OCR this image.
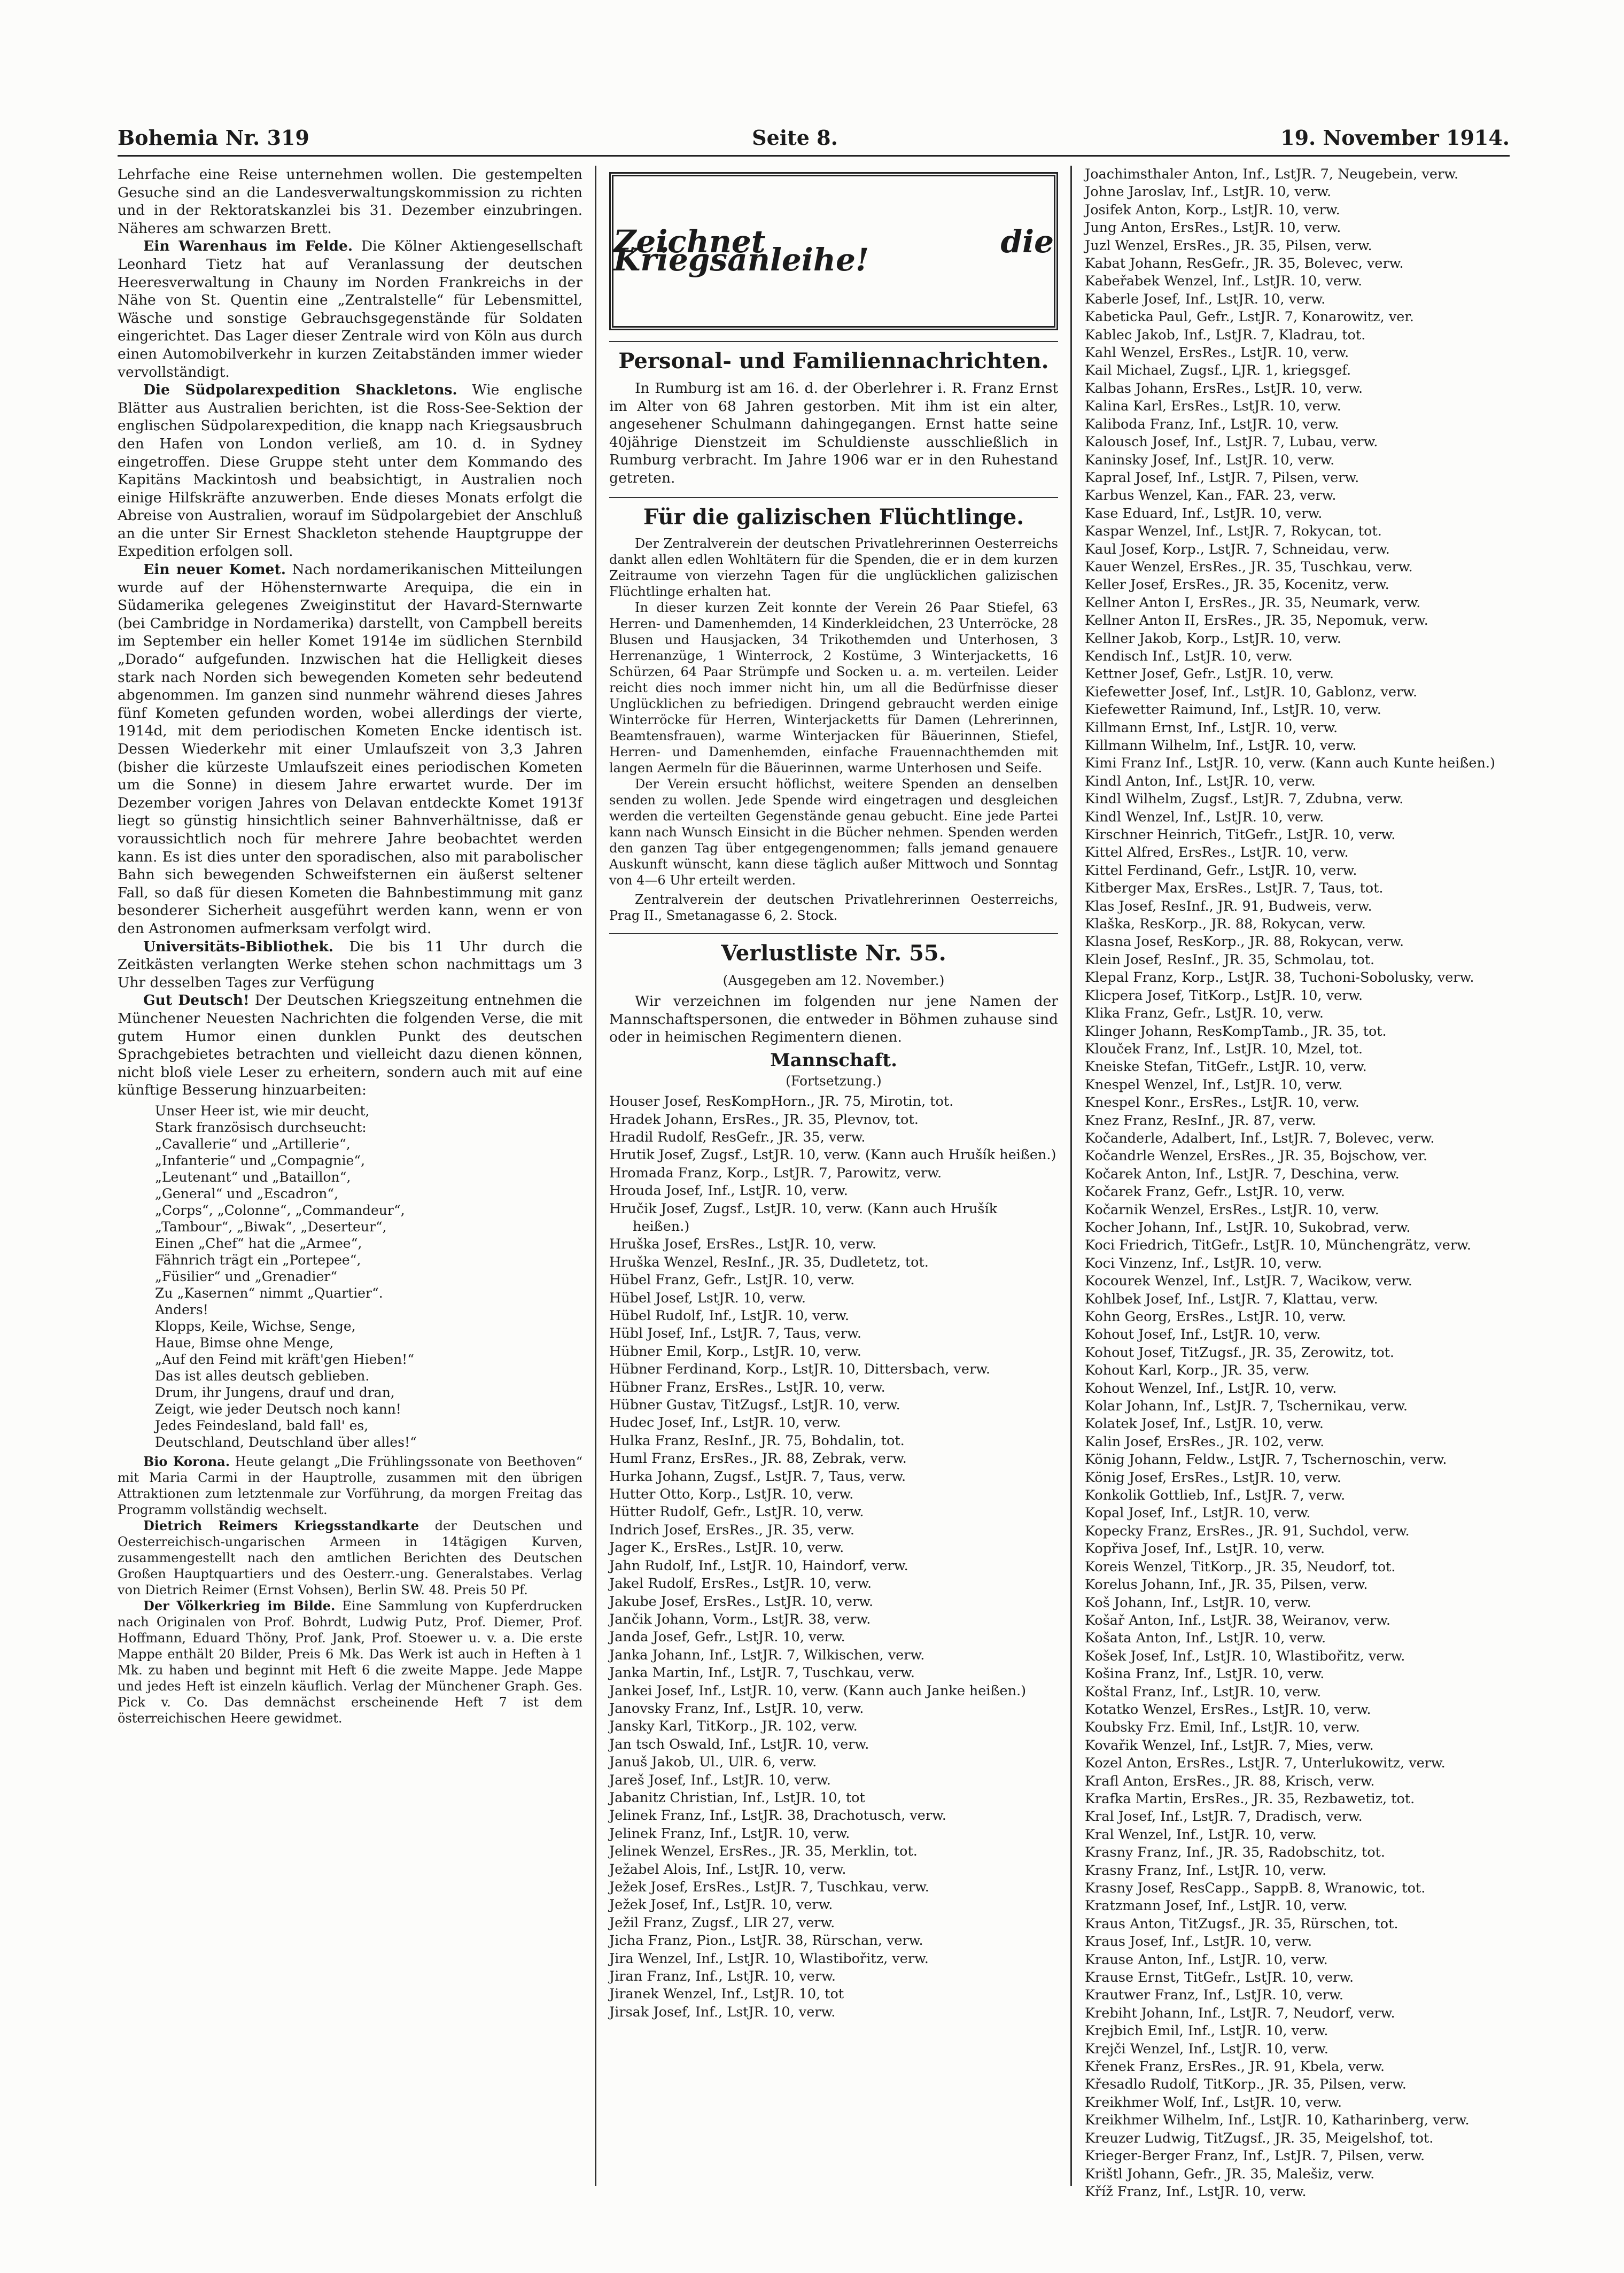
Bohemia Nr. 319	Seite 8.	19. November 1914.

Lehrfache eine Reise unternehmen wollen. Die gestempelten Gesuche sind an die Landesverwaltungskommission zu richten und in der Rektoratskanzlei bis 31. Dezember einzubringen. Näheres am schwarzen Brett.

Ein Warenhaus im Felde. Die Kölner Aktiengesellschaft Leonhard Tietz hat auf Veranlassung der deutschen Heeresverwaltung in Chauny im Norden Frankreichs in der Nähe von St. Quentin eine „Zentralstelle“ für Lebensmittel, Wäsche und sonstige Gebrauchsgegenstände für Soldaten eingerichtet. Das Lager dieser Zentrale wird von Köln aus durch einen Automobilverkehr in kurzen Zeitabständen immer wieder vervollständigt.

Die Südpolarexpedition Shackletons. Wie englische Blätter aus Australien berichten, ist die Ross-See-Sektion der englischen Südpolarexpedition, die knapp nach Kriegsausbruch den Hafen von London verließ, am 10. d. in Sydney eingetroffen. Diese Gruppe steht unter dem Kommando des Kapitäns Mackintosh und beabsichtigt, in Australien noch einige Hilfskräfte anzuwerben. Ende dieses Monats erfolgt die Abreise von Australien, worauf im Südpolargebiet der Anschluß an die unter Sir Ernest Shackleton stehende Hauptgruppe der Expedition erfolgen soll.

Ein neuer Komet. Nach nordamerikanischen Mitteilungen wurde auf der Höhensternwarte Arequipa, die ein in Südamerika gelegenes Zweiginstitut der Havard-Sternwarte (bei Cambridge in Nordamerika) darstellt, von Campbell bereits im September ein heller Komet 1914e im südlichen Sternbild „Dorado“ aufgefunden. Inzwischen hat die Helligkeit dieses stark nach Norden sich bewegenden Kometen sehr bedeutend abgenommen. Im ganzen sind nunmehr während dieses Jahres fünf Kometen gefunden worden, wobei allerdings der vierte, 1914d, mit dem periodischen Kometen Encke identisch ist. Dessen Wiederkehr mit einer Umlaufszeit von 3,3 Jahren (bisher die kürzeste Umlaufszeit eines periodischen Kometen um die Sonne) in diesem Jahre erwartet wurde. Der im Dezember vorigen Jahres von Delavan entdeckte Komet 1913f liegt so günstig hinsichtlich seiner Bahnverhältnisse, daß er voraussichtlich noch für mehrere Jahre beobachtet werden kann. Es ist dies unter den sporadischen, also mit parabolischer Bahn sich bewegenden Schweifsternen ein äußerst seltener Fall, so daß für diesen Kometen die Bahnbestimmung mit ganz besonderer Sicherheit ausgeführt werden kann, wenn er von den Astronomen aufmerksam verfolgt wird.

Universitäts-Bibliothek. Die bis 11 Uhr durch die Zeitkästen verlangten Werke stehen schon nachmittags um 3 Uhr desselben Tages zur Verfügung

Gut Deutsch! Der Deutschen Kriegszeitung entnehmen die Münchener Neuesten Nachrichten die folgenden Verse, die mit gutem Humor einen dunklen Punkt des deutschen Sprachgebietes betrachten und vielleicht dazu dienen können, nicht bloß viele Leser zu erheitern, sondern auch mit auf eine künftige Besserung hinzuarbeiten:

Unser Heer ist, wie mir deucht,
Stark französisch durchseucht:
„Cavallerie“ und „Artillerie“,
„Infanterie“ und „Compagnie“,
„Leutenant“ und „Bataillon“,
„General“ und „Escadron“,
„Corps“, „Colonne“, „Commandeur“,
„Tambour“, „Biwak“, „Deserteur“,
Einen „Chef“ hat die „Armee“,
Fähnrich trägt ein „Portepee“,
„Füsilier“ und „Grenadier“
Zu „Kasernen“ nimmt „Quartier“.
Anders!
Klopps, Keile, Wichse, Senge,
Haue, Bimse ohne Menge,
„Auf den Feind mit kräft'gen Hieben!“
Das ist alles deutsch geblieben.
Drum, ihr Jungens, drauf und dran,
Zeigt, wie jeder Deutsch noch kann!
Jedes Feindesland, bald fall' es,
Deutschland, Deutschland über alles!“

Bio Korona. Heute gelangt „Die Frühlingssonate von Beethoven“ mit Maria Carmi in der Hauptrolle, zusammen mit den übrigen Attraktionen zum letztenmale zur Vorführung, da morgen Freitag das Programm vollständig wechselt.

Dietrich Reimers Kriegsstandkarte der Deutschen und Oesterreichisch-ungarischen Armeen in 14tägigen Kurven, zusammengestellt nach den amtlichen Berichten des Deutschen Großen Hauptquartiers und des Oesterr.-ung. Generalstabes. Verlag von Dietrich Reimer (Ernst Vohsen), Berlin SW. 48. Preis 50 Pf.

Der Völkerkrieg im Bilde. Eine Sammlung von Kupferdrucken nach Originalen von Prof. Bohrdt, Ludwig Putz, Prof. Diemer, Prof. Hoffmann, Eduard Thöny, Prof. Jank, Prof. Stoewer u. v. a. Die erste Mappe enthält 20 Bilder, Preis 6 Mk. Das Werk ist auch in Heften à 1 Mk. zu haben und beginnt mit Heft 6 die zweite Mappe. Jede Mappe und jedes Heft ist einzeln käuflich. Verlag der Münchener Graph. Ges. Pick v. Co. Das demnächst erscheinende Heft 7 ist dem österreichischen Heere gewidmet.

Zeichnet die Kriegsanleihe!
Personal- und Familiennachrichten.

In Rumburg ist am 16. d. der Oberlehrer i. R. Franz Ernst im Alter von 68 Jahren gestorben. Mit ihm ist ein alter, angesehener Schulmann dahingegangen. Ernst hatte seine 40jährige Dienstzeit im Schuldienste ausschließlich in Rumburg verbracht. Im Jahre 1906 war er in den Ruhestand getreten.

Für die galizischen Flüchtlinge.

Der Zentralverein der deutschen Privatlehrerinnen Oesterreichs dankt allen edlen Wohltätern für die Spenden, die er in dem kurzen Zeitraume von vierzehn Tagen für die unglücklichen galizischen Flüchtlinge erhalten hat.

In dieser kurzen Zeit konnte der Verein 26 Paar Stiefel, 63 Herren- und Damenhemden, 14 Kinderkleidchen, 23 Unterröcke, 28 Blusen und Hausjacken, 34 Trikothemden und Unterhosen, 3 Herrenanzüge, 1 Winterrock, 2 Kostüme, 3 Winterjacketts, 16 Schürzen, 64 Paar Strümpfe und Socken u. a. m. verteilen. Leider reicht dies noch immer nicht hin, um all die Bedürfnisse dieser Unglücklichen zu befriedigen. Dringend gebraucht werden einige Winterröcke für Herren, Winterjacketts für Damen (Lehrerinnen, Beamtensfrauen), warme Winterjacken für Bäuerinnen, Stiefel, Herren- und Damenhemden, einfache Frauennachthemden mit langen Aermeln für die Bäuerinnen, warme Unterhosen und Seife.

Der Verein ersucht höflichst, weitere Spenden an denselben senden zu wollen. Jede Spende wird eingetragen und desgleichen werden die verteilten Gegenstände genau gebucht. Eine jede Partei kann nach Wunsch Einsicht in die Bücher nehmen. Spenden werden den ganzen Tag über entgegengenommen; falls jemand genauere Auskunft wünscht, kann diese täglich außer Mittwoch und Sonntag von 4—6 Uhr erteilt werden.

Zentralverein der deutschen Privatlehrerinnen Oesterreichs, Prag II., Smetanagasse 6, 2. Stock.

Verlustliste Nr. 55.
(Ausgegeben am 12. November.)

Wir verzeichnen im folgenden nur jene Namen der Mannschaftspersonen, die entweder in Böhmen zuhause sind oder in heimischen Regimentern dienen.

Mannschaft.
(Fortsetzung.)

Houser Josef, ResKompHorn., JR. 75, Mirotin, tot.

Hradek Johann, ErsRes., JR. 35, Plevnov, tot.

Hradil Rudolf, ResGefr., JR. 35, verw.

Hrutik Josef, Zugsf., LstJR. 10, verw. (Kann auch Hrušík heißen.)

Hromada Franz, Korp., LstJR. 7, Parowitz, verw.

Hrouda Josef, Inf., LstJR. 10, verw.

Hručik Josef, Zugsf., LstJR. 10, verw. (Kann auch Hrušík heißen.)

Hruška Josef, ErsRes., LstJR. 10, verw.

Hruška Wenzel, ResInf., JR. 35, Dudletetz, tot.

Hübel Franz, Gefr., LstJR. 10, verw.

Hübel Josef, LstJR. 10, verw.

Hübel Rudolf, Inf., LstJR. 10, verw.

Hübl Josef, Inf., LstJR. 7, Taus, verw.

Hübner Emil, Korp., LstJR. 10, verw.

Hübner Ferdinand, Korp., LstJR. 10, Dittersbach, verw.

Hübner Franz, ErsRes., LstJR. 10, verw.

Hübner Gustav, TitZugsf., LstJR. 10, verw.

Hudec Josef, Inf., LstJR. 10, verw.

Hulka Franz, ResInf., JR. 75, Bohdalin, tot.

Huml Franz, ErsRes., JR. 88, Zebrak, verw.

Hurka Johann, Zugsf., LstJR. 7, Taus, verw.

Hutter Otto, Korp., LstJR. 10, verw.

Hütter Rudolf, Gefr., LstJR. 10, verw.

Indrich Josef, ErsRes., JR. 35, verw.

Jager K., ErsRes., LstJR. 10, verw.

Jahn Rudolf, Inf., LstJR. 10, Haindorf, verw.

Jakel Rudolf, ErsRes., LstJR. 10, verw.

Jakube Josef, ErsRes., LstJR. 10, verw.

Jančik Johann, Vorm., LstJR. 38, verw.

Janda Josef, Gefr., LstJR. 10, verw.

Janka Johann, Inf., LstJR. 7, Wilkischen, verw.

Janka Martin, Inf., LstJR. 7, Tuschkau, verw.

Jankei Josef, Inf., LstJR. 10, verw. (Kann auch Janke heißen.)

Janovsky Franz, Inf., LstJR. 10, verw.

Jansky Karl, TitKorp., JR. 102, verw.

Jan tsch Oswald, Inf., LstJR. 10, verw.

Januš Jakob, Ul., UlR. 6, verw.

Jareš Josef, Inf., LstJR. 10, verw.

Jabanitz Christian, Inf., LstJR. 10, tot

Jelinek Franz, Inf., LstJR. 38, Drachotusch, verw.

Jelinek Franz, Inf., LstJR. 10, verw.

Jelinek Wenzel, ErsRes., JR. 35, Merklin, tot.

Ježabel Alois, Inf., LstJR. 10, verw.

Ježek Josef, ErsRes., LstJR. 7, Tuschkau, verw.

Ježek Josef, Inf., LstJR. 10, verw.

Ježil Franz, Zugsf., LIR 27, verw.

Jicha Franz, Pion., LstJR. 38, Rürschan, verw.

Jira Wenzel, Inf., LstJR. 10, Wlastibořitz, verw.

Jiran Franz, Inf., LstJR. 10, verw.

Jiranek Wenzel, Inf., LstJR. 10, tot

Jirsak Josef, Inf., LstJR. 10, verw.

Joachimsthaler Anton, Inf., LstJR. 7, Neugebein, verw.

Johne Jaroslav, Inf., LstJR. 10, verw.

Josifek Anton, Korp., LstJR. 10, verw.

Jung Anton, ErsRes., LstJR. 10, verw.

Juzl Wenzel, ErsRes., JR. 35, Pilsen, verw.

Kabat Johann, ResGefr., JR. 35, Bolevec, verw.

Kabeřabek Wenzel, Inf., LstJR. 10, verw.

Kaberle Josef, Inf., LstJR. 10, verw.

Kabeticka Paul, Gefr., LstJR. 7, Konarowitz, ver.

Kablec Jakob, Inf., LstJR. 7, Kladrau, tot.

Kahl Wenzel, ErsRes., LstJR. 10, verw.

Kail Michael, Zugsf., LJR. 1, kriegsgef.

Kalbas Johann, ErsRes., LstJR. 10, verw.

Kalina Karl, ErsRes., LstJR. 10, verw.

Kaliboda Franz, Inf., LstJR. 10, verw.

Kalousch Josef, Inf., LstJR. 7, Lubau, verw.

Kaninsky Josef, Inf., LstJR. 10, verw.

Kapral Josef, Inf., LstJR. 7, Pilsen, verw.

Karbus Wenzel, Kan., FAR. 23, verw.

Kase Eduard, Inf., LstJR. 10, verw.

Kaspar Wenzel, Inf., LstJR. 7, Rokycan, tot.

Kaul Josef, Korp., LstJR. 7, Schneidau, verw.

Kauer Wenzel, ErsRes., JR. 35, Tuschkau, verw.

Keller Josef, ErsRes., JR. 35, Kocenitz, verw.

Kellner Anton I, ErsRes., JR. 35, Neumark, verw.

Kellner Anton II, ErsRes., JR. 35, Nepomuk, verw.

Kellner Jakob, Korp., LstJR. 10, verw.

Kendisch Inf., LstJR. 10, verw.

Kettner Josef, Gefr., LstJR. 10, verw.

Kiefewetter Josef, Inf., LstJR. 10, Gablonz, verw.

Kiefewetter Raimund, Inf., LstJR. 10, verw.

Killmann Ernst, Inf., LstJR. 10, verw.

Killmann Wilhelm, Inf., LstJR. 10, verw.

Kimi Franz Inf., LstJR. 10, verw. (Kann auch Kunte heißen.)

Kindl Anton, Inf., LstJR. 10, verw.

Kindl Wilhelm, Zugsf., LstJR. 7, Zdubna, verw.

Kindl Wenzel, Inf., LstJR. 10, verw.

Kirschner Heinrich, TitGefr., LstJR. 10, verw.

Kittel Alfred, ErsRes., LstJR. 10, verw.

Kittel Ferdinand, Gefr., LstJR. 10, verw.

Kitberger Max, ErsRes., LstJR. 7, Taus, tot.

Klas Josef, ResInf., JR. 91, Budweis, verw.

Klaška, ResKorp., JR. 88, Rokycan, verw.

Klasna Josef, ResKorp., JR. 88, Rokycan, verw.

Klein Josef, ResInf., JR. 35, Schmolau, tot.

Klepal Franz, Korp., LstJR. 38, Tuchoni-Sobolusky, verw.

Klicpera Josef, TitKorp., LstJR. 10, verw.

Klika Franz, Gefr., LstJR. 10, verw.

Klinger Johann, ResKompTamb., JR. 35, tot.

Klouček Franz, Inf., LstJR. 10, Mzel, tot.

Kneiske Stefan, TitGefr., LstJR. 10, verw.

Knespel Wenzel, Inf., LstJR. 10, verw.

Knespel Konr., ErsRes., LstJR. 10, verw.

Knez Franz, ResInf., JR. 87, verw.

Kočanderle, Adalbert, Inf., LstJR. 7, Bolevec, verw.

Kočandrle Wenzel, ErsRes., JR. 35, Bojschow, ver.

Kočarek Anton, Inf., LstJR. 7, Deschina, verw.

Kočarek Franz, Gefr., LstJR. 10, verw.

Kočarnik Wenzel, ErsRes., LstJR. 10, verw.

Kocher Johann, Inf., LstJR. 10, Sukobrad, verw.

Koci Friedrich, TitGefr., LstJR. 10, Münchengrätz, verw.

Koci Vinzenz, Inf., LstJR. 10, verw.

Kocourek Wenzel, Inf., LstJR. 7, Wacikow, verw.

Kohlbek Josef, Inf., LstJR. 7, Klattau, verw.

Kohn Georg, ErsRes., LstJR. 10, verw.

Kohout Josef, Inf., LstJR. 10, verw.

Kohout Josef, TitZugsf., JR. 35, Zerowitz, tot.

Kohout Karl, Korp., JR. 35, verw.

Kohout Wenzel, Inf., LstJR. 10, verw.

Kolar Johann, Inf., LstJR. 7, Tschernikau, verw.

Kolatek Josef, Inf., LstJR. 10, verw.

Kalin Josef, ErsRes., JR. 102, verw.

König Johann, Feldw., LstJR. 7, Tschernoschin, verw.

König Josef, ErsRes., LstJR. 10, verw.

Konkolik Gottlieb, Inf., LstJR. 7, verw.

Kopal Josef, Inf., LstJR. 10, verw.

Kopecky Franz, ErsRes., JR. 91, Suchdol, verw.

Kopřiva Josef, Inf., LstJR. 10, verw.

Koreis Wenzel, TitKorp., JR. 35, Neudorf, tot.

Korelus Johann, Inf., JR. 35, Pilsen, verw.

Koš Johann, Inf., LstJR. 10, verw.

Košař Anton, Inf., LstJR. 38, Weiranov, verw.

Košata Anton, Inf., LstJR. 10, verw.

Košek Josef, Inf., LstJR. 10, Wlastibořitz, verw.

Košina Franz, Inf., LstJR. 10, verw.

Koštal Franz, Inf., LstJR. 10, verw.

Kotatko Wenzel, ErsRes., LstJR. 10, verw.

Koubsky Frz. Emil, Inf., LstJR. 10, verw.

Kovařik Wenzel, Inf., LstJR. 7, Mies, verw.

Kozel Anton, ErsRes., LstJR. 7, Unterlukowitz, verw.

Krafl Anton, ErsRes., JR. 88, Krisch, verw.

Krafka Martin, ErsRes., JR. 35, Rezbawetiz, tot.

Kral Josef, Inf., LstJR. 7, Dradisch, verw.

Kral Wenzel, Inf., LstJR. 10, verw.

Krasny Franz, Inf., JR. 35, Radobschitz, tot.

Krasny Franz, Inf., LstJR. 10, verw.

Krasny Josef, ResCapp., SappB. 8, Wranowic, tot.

Kratzmann Josef, Inf., LstJR. 10, verw.

Kraus Anton, TitZugsf., JR. 35, Rürschen, tot.

Kraus Josef, Inf., LstJR. 10, verw.

Krause Anton, Inf., LstJR. 10, verw.

Krause Ernst, TitGefr., LstJR. 10, verw.

Krautwer Franz, Inf., LstJR. 10, verw.

Krebiht Johann, Inf., LstJR. 7, Neudorf, verw.

Krejbich Emil, Inf., LstJR. 10, verw.

Krejči Wenzel, Inf., LstJR. 10, verw.

Křenek Franz, ErsRes., JR. 91, Kbela, verw.

Křesadlo Rudolf, TitKorp., JR. 35, Pilsen, verw.

Kreikhmer Wolf, Inf., LstJR. 10, verw.

Kreikhmer Wilhelm, Inf., LstJR. 10, Katharinberg, verw.

Kreuzer Ludwig, TitZugsf., JR. 35, Meigelshof, tot.

Krieger-Berger Franz, Inf., LstJR. 7, Pilsen, verw.

Krištl Johann, Gefr., JR. 35, Malešiz, verw.

Kříž Franz, Inf., LstJR. 10, verw.
